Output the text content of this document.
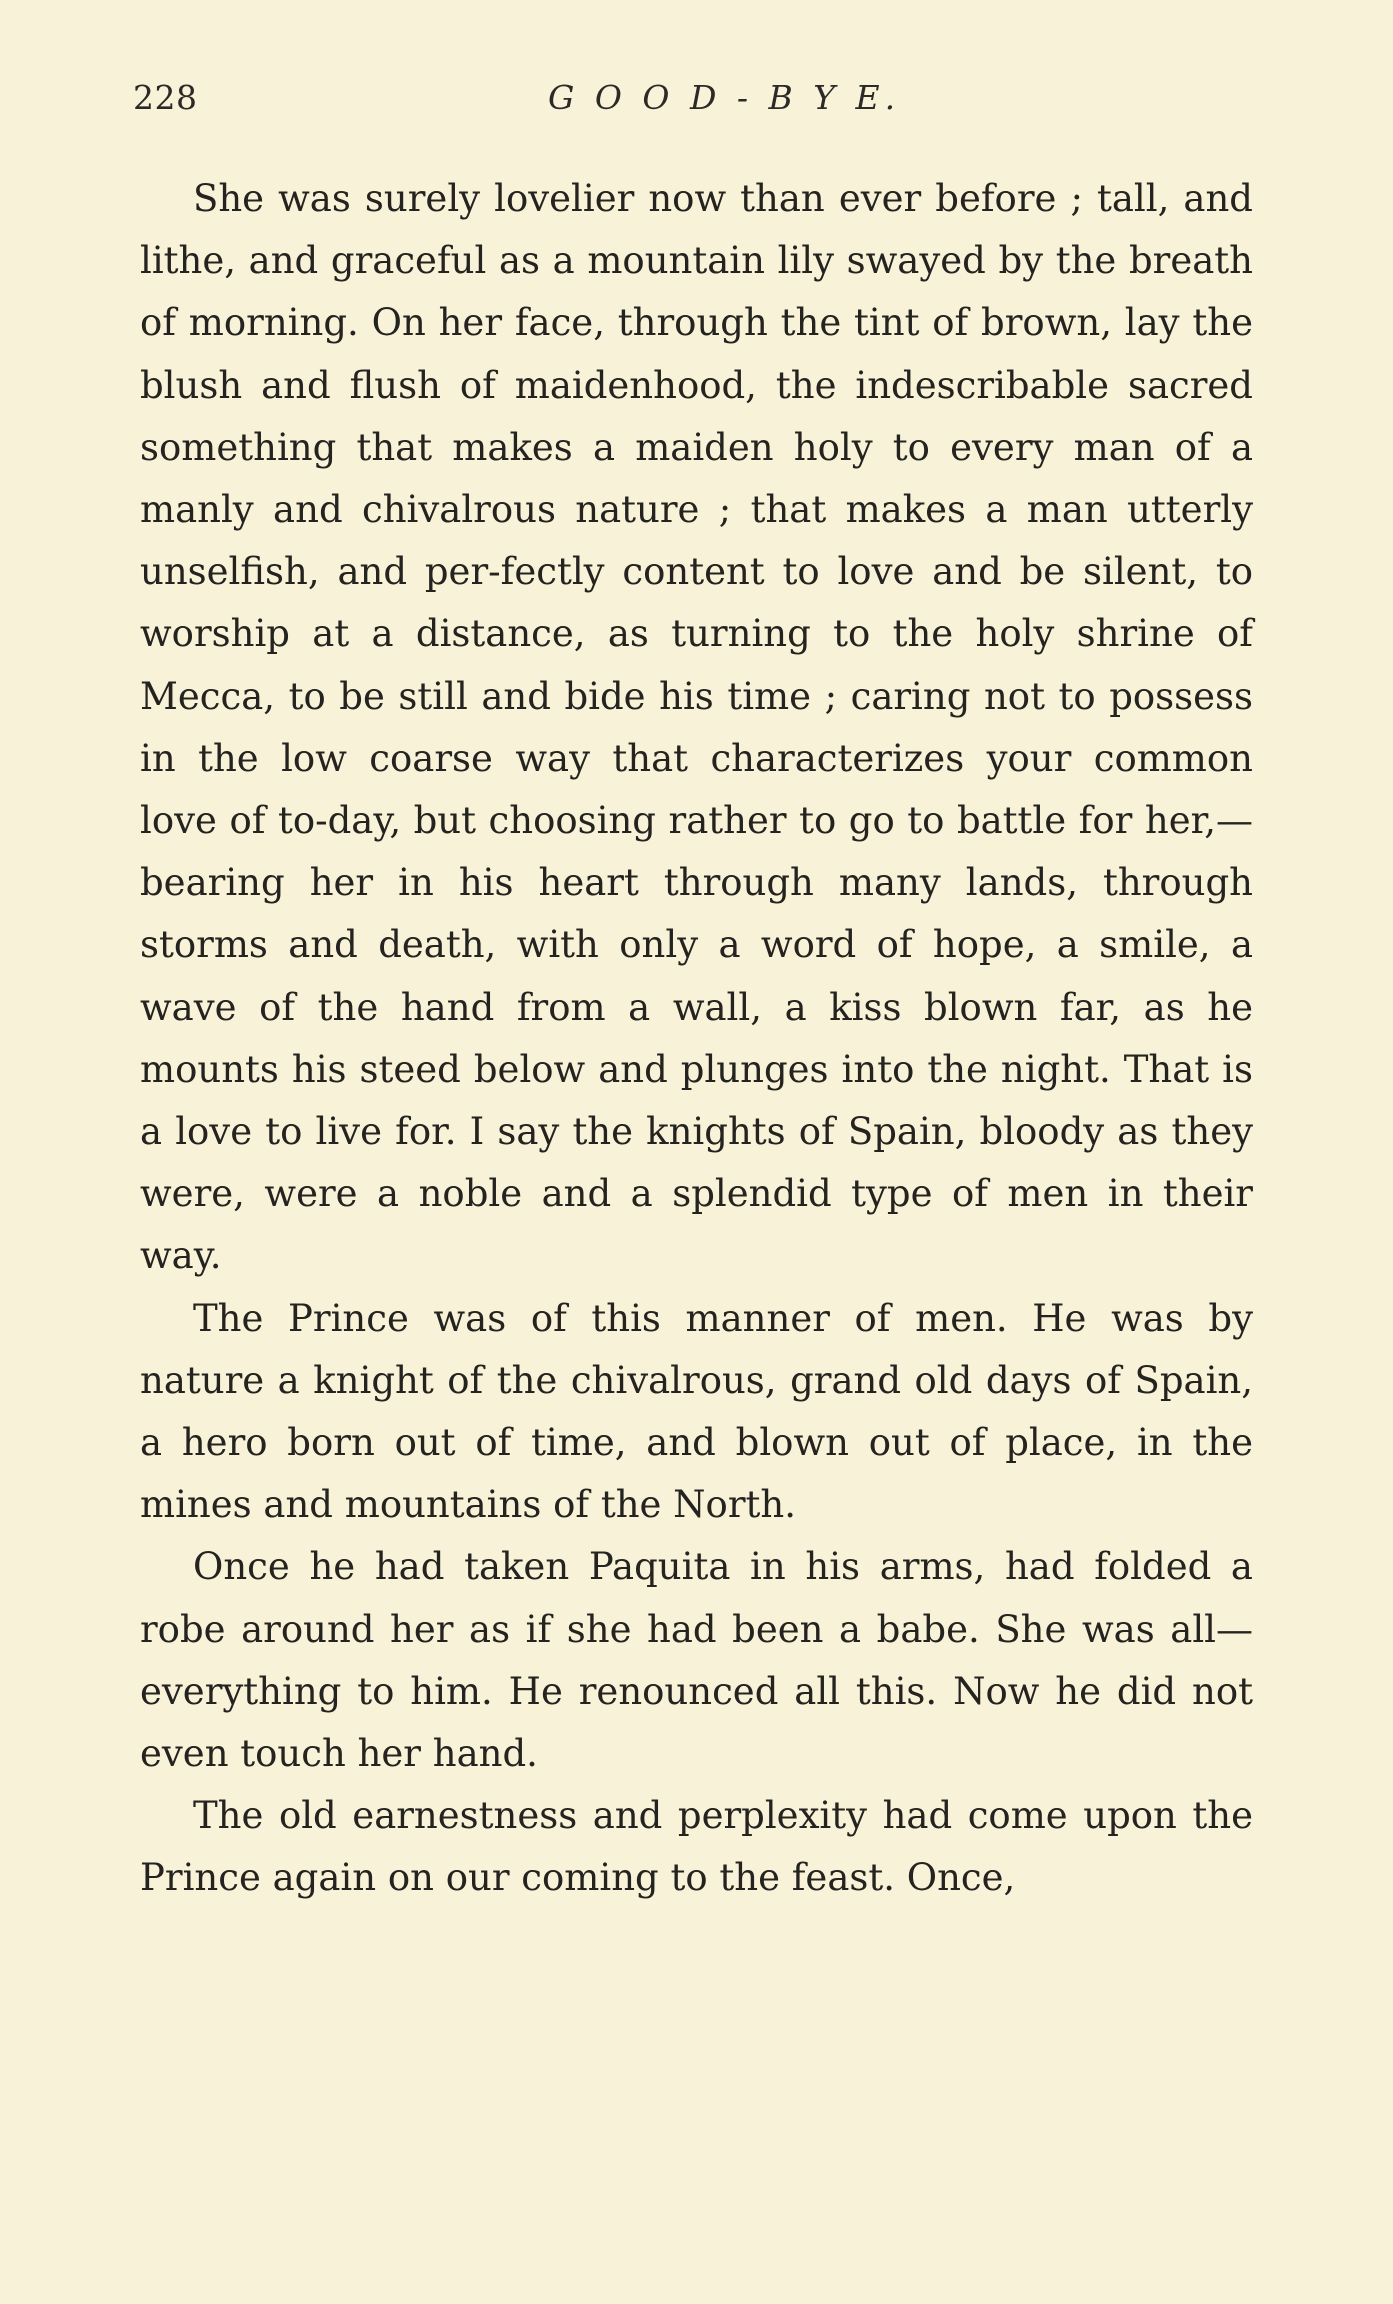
228	G O O D - B Y E.

She was surely lovelier now than ever before ; tall, and lithe, and graceful as a mountain lily swayed by the breath of morning. On her face, through the tint of brown, lay the blush and flush of maidenhood, the indescribable sacred something that makes a maiden holy to every man of a manly and chivalrous nature ; that makes a man utterly unselfish, and per-fectly content to love and be silent, to worship at a distance, as turning to the holy shrine of Mecca, to be still and bide his time ; caring not to possess in the low coarse way that characterizes your common love of to-day, but choosing rather to go to battle for her,—bearing her in his heart through many lands, through storms and death, with only a word of hope, a smile, a wave of the hand from a wall, a kiss blown far, as he mounts his steed below and plunges into the night. That is a love to live for. I say the knights of Spain, bloody as they were, were a noble and a splendid type of men in their way.

The Prince was of this manner of men. He was by nature a knight of the chivalrous, grand old days of Spain, a hero born out of time, and blown out of place, in the mines and mountains of the North.

Once he had taken Paquita in his arms, had folded a robe around her as if she had been a babe. She was all—everything to him. He renounced all this. Now he did not even touch her hand.

The old earnestness and perplexity had come upon the Prince again on our coming to the feast. Once,
